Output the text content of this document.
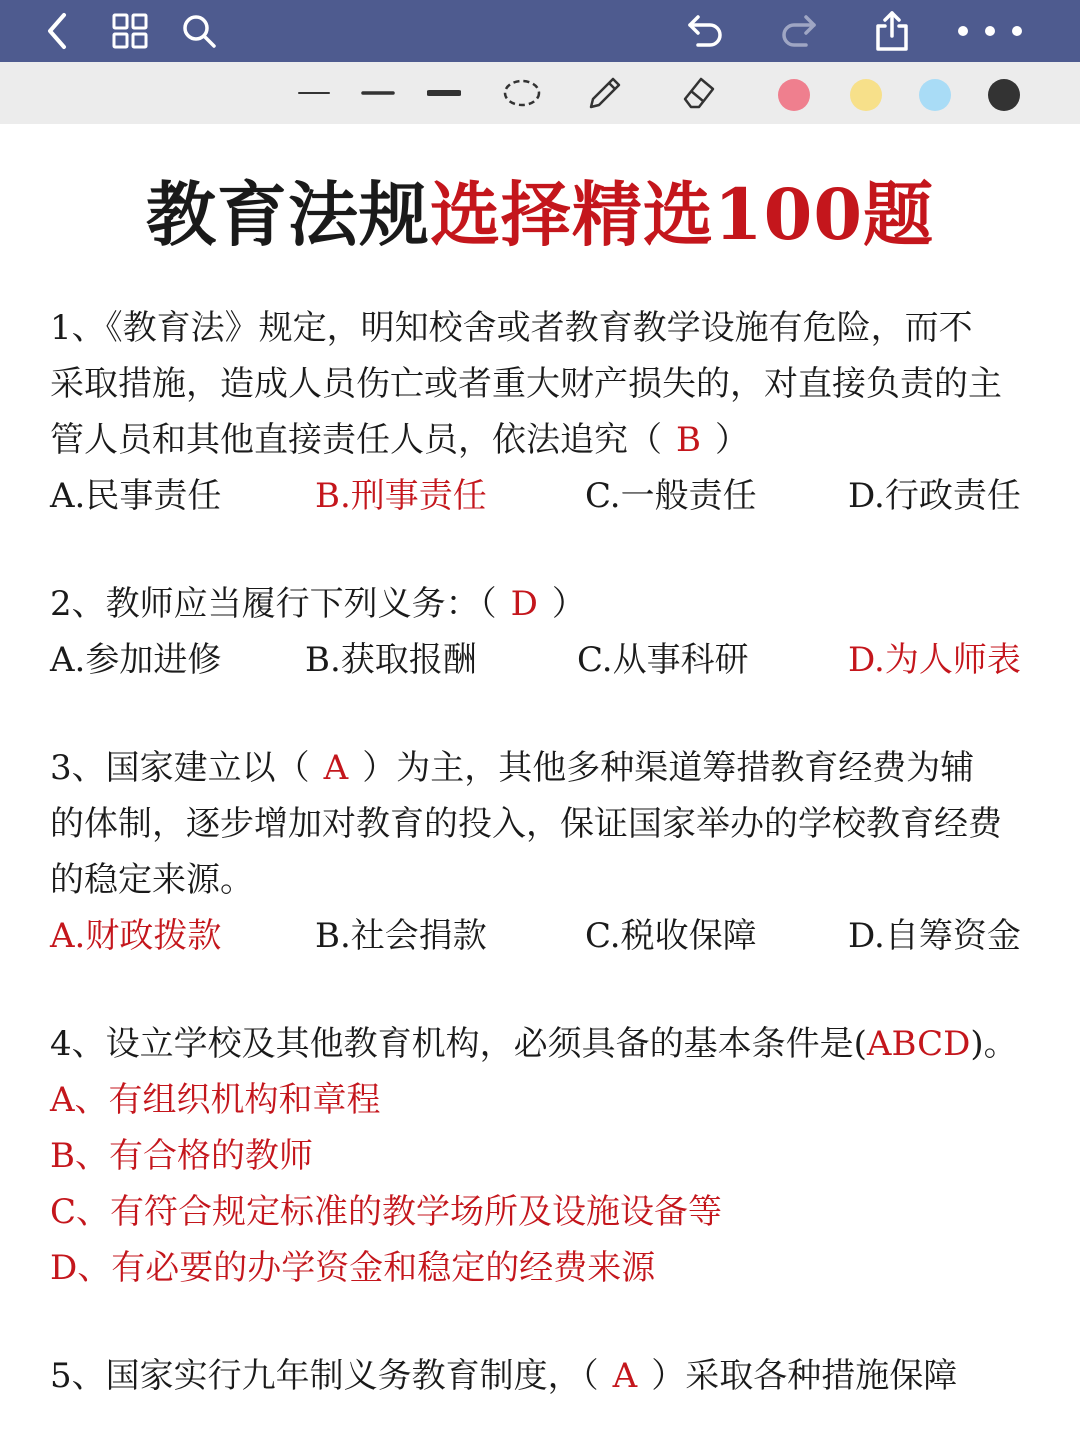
教育法规选择精选100题
1、《教育法》规定，明知校舍或者教育教学设施有危险，而不
采取措施，造成人员伤亡或者重大财产损失的，对直接负责的主
管人员和其他直接责任人员，依法追究（ B ）
A.民事责任	B.刑事责任	C.一般责任	D.行政责任
2、教师应当履行下列义务：（ D ）
A.参加进修 B.获取报酬	C.从事科研	D.为人师表
3、国家建立以（ A ）为主，其他多种渠道筹措教育经费为辅
的体制，逐步增加对教育的投入，保证国家举办的学校教育经费
的稳定来源。
A.财政拨款	B.社会捐款	C.税收保障	D.自筹资金
4、设立学校及其他教育机构，必须具备的基本条件是(ABCD)。
A、有组织机构和章程
B、有合格的教师
C、有符合规定标准的教学场所及设施设备等
D、有必要的办学资金和稳定的经费来源
5、国家实行九年制义务教育制度，（ A ）采取各种措施保障
